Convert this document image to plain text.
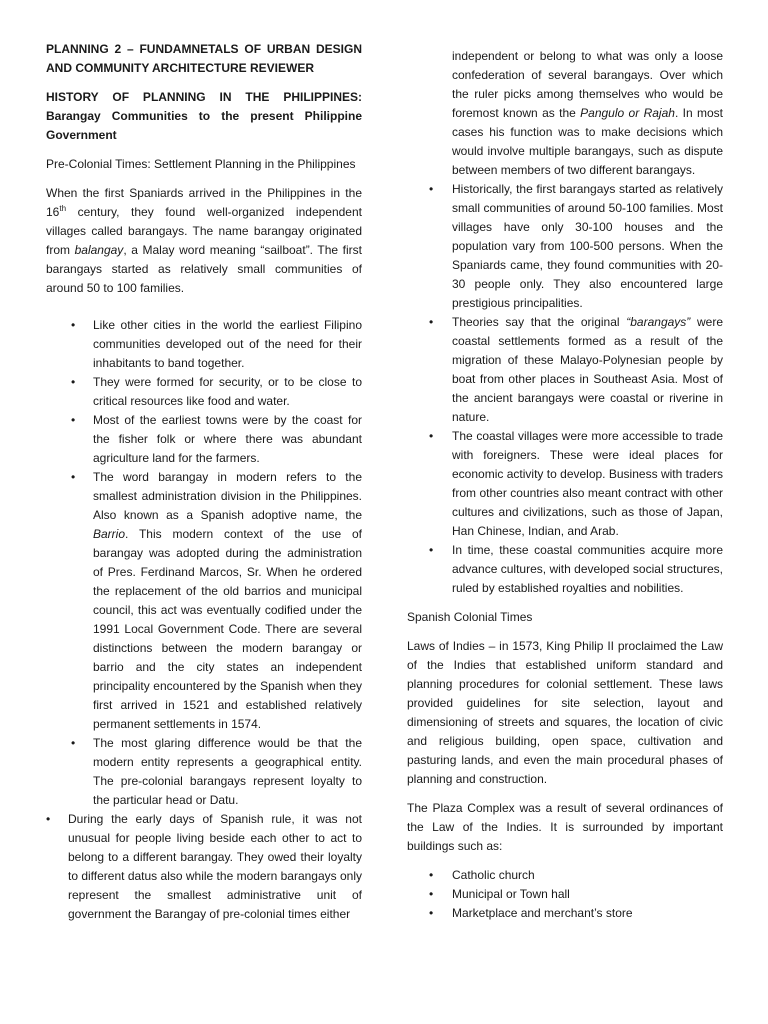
PLANNING 2 – FUNDAMNETALS OF URBAN DESIGN AND COMMUNITY ARCHITECTURE REVIEWER

HISTORY OF PLANNING IN THE PHILIPPINES: Barangay Communities to the present Philippine Government

Pre-Colonial Times: Settlement Planning in the Philippines

When the first Spaniards arrived in the Philippines in the 16th century, they found well-organized independent villages called barangays. The name barangay originated from balangay, a Malay word meaning “sailboat”. The first barangays started as relatively small communities of around 50 to 100 families.

• Like other cities in the world the earliest Filipino communities developed out of the need for their inhabitants to band together.
• They were formed for security, or to be close to critical resources like food and water.
• Most of the earliest towns were by the coast for the fisher folk or where there was abundant agriculture land for the farmers.
• The word barangay in modern refers to the smallest administration division in the Philippines. Also known as a Spanish adoptive name, the Barrio. This modern context of the use of barangay was adopted during the administration of Pres. Ferdinand Marcos, Sr. When he ordered the replacement of the old barrios and municipal council, this act was eventually codified under the 1991 Local Government Code. There are several distinctions between the modern barangay or barrio and the city states an independent principality encountered by the Spanish when they first arrived in 1521 and established relatively permanent settlements in 1574.
• The most glaring difference would be that the modern entity represents a geographical entity. The pre-colonial barangays represent loyalty to the particular head or Datu.
• During the early days of Spanish rule, it was not unusual for people living beside each other to act to belong to a different barangay. They owed their loyalty to different datus also while the modern barangays only represent the smallest administrative unit of government the Barangay of pre-colonial times either

independent or belong to what was only a loose confederation of several barangays. Over which the ruler picks among themselves who would be foremost known as the Pangulo or Rajah. In most cases his function was to make decisions which would involve multiple barangays, such as dispute between members of two different barangays.

• Historically, the first barangays started as relatively small communities of around 50-100 families. Most villages have only 30-100 houses and the population vary from 100-500 persons. When the Spaniards came, they found communities with 20-30 people only. They also encountered large prestigious principalities.
• Theories say that the original “barangays” were coastal settlements formed as a result of the migration of these Malayo-Polynesian people by boat from other places in Southeast Asia. Most of the ancient barangays were coastal or riverine in nature.
• The coastal villages were more accessible to trade with foreigners. These were ideal places for economic activity to develop. Business with traders from other countries also meant contract with other cultures and civilizations, such as those of Japan, Han Chinese, Indian, and Arab.
• In time, these coastal communities acquire more advance cultures, with developed social structures, ruled by established royalties and nobilities.

Spanish Colonial Times

Laws of Indies – in 1573, King Philip II proclaimed the Law of the Indies that established uniform standard and planning procedures for colonial settlement. These laws provided guidelines for site selection, layout and dimensioning of streets and squares, the location of civic and religious building, open space, cultivation and pasturing lands, and even the main procedural phases of planning and construction.

The Plaza Complex was a result of several ordinances of the Law of the Indies. It is surrounded by important buildings such as:

• Catholic church
• Municipal or Town hall
• Marketplace and merchant’s store
